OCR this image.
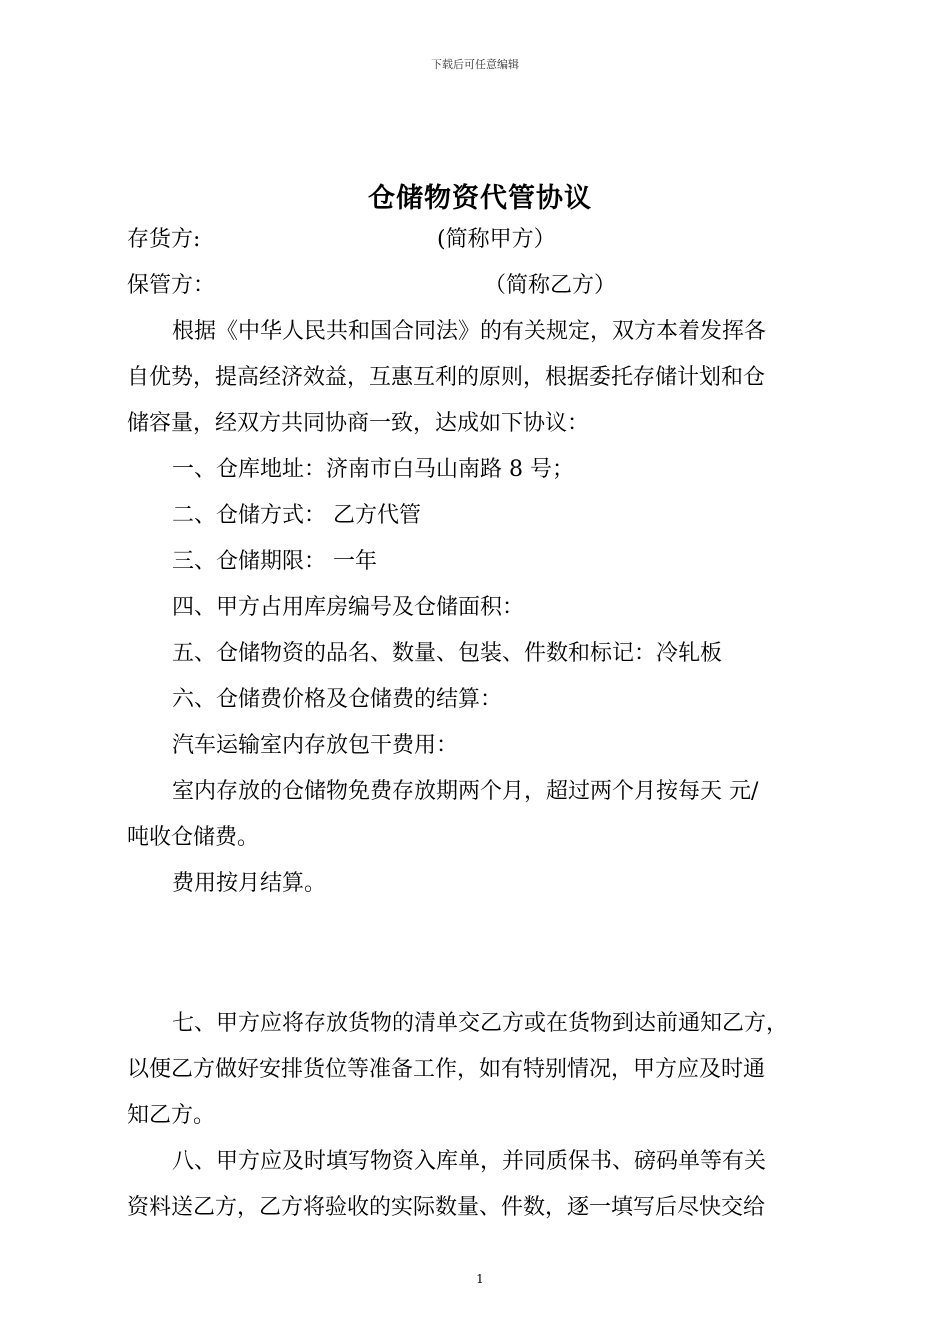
下载后可任意编辑
仓储物资代管协议
存货方:	(简称甲方）
保管方：	（简称乙方）
根据《中华人民共和国合同法》的有关规定，双方本着发挥各
自优势，提高经济效益，互惠互利的原则，根据委托存储计划和仓
储容量，经双方共同协商一致，达成如下协议：
一、仓库地址：济南市白马山南路 8 号；
二、仓储方式： 乙方代管
三、仓储期限： 一年
四、甲方占用库房编号及仓储面积：
五、仓储物资的品名、数量、包装、件数和标记：冷轧板
六、仓储费价格及仓储费的结算：
汽车运输室内存放包干费用：
室内存放的仓储物免费存放期两个月，超过两个月按每天 元/
吨收仓储费。
费用按月结算。
七、甲方应将存放货物的清单交乙方或在货物到达前通知乙方，
以便乙方做好安排货位等准备工作，如有特别情况，甲方应及时通
知乙方。
八、甲方应及时填写物资入库单，并同质保书、磅码单等有关
资料送乙方，乙方将验收的实际数量、件数，逐一填写后尽快交给
1
